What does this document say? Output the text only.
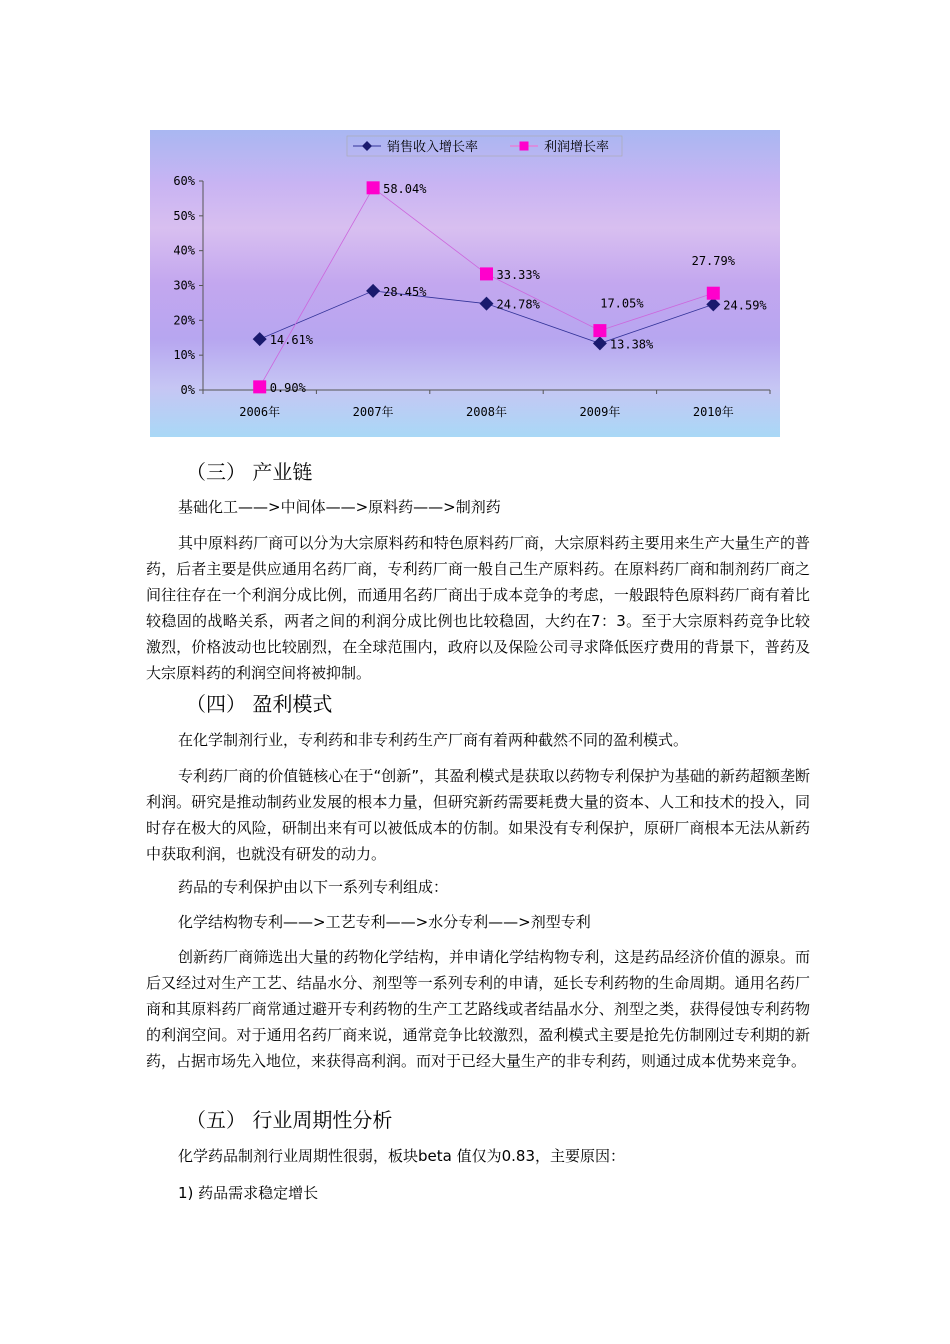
销售收入增长率	利润增长率
0%
10%
20%
30%
40%
50%
60%
2006年	2007年	2008年	2009年	2010年
14.61%
28.45%
24.78%
13.38%
24.59%
0.90%
58.04%
33.33%
17.05%
27.79%
（三） 产业链
基础化工——>中间体——>原料药——>制剂药
其中原料药厂商可以分为大宗原料药和特色原料药厂商，大宗原料药主要用来生产大量生产的普药，后者主要是供应通用名药厂商，专利药厂商一般自己生产原料药。在原料药厂商和制剂药厂商之间往往存在一个利润分成比例，而通用名药厂商出于成本竞争的考虑，一般跟特色原料药厂商有着比较稳固的战略关系，两者之间的利润分成比例也比较稳固，大约在7：3。至于大宗原料药竞争比较激烈，价格波动也比较剧烈，在全球范围内，政府以及保险公司寻求降低医疗费用的背景下，普药及大宗原料药的利润空间将被抑制。
（四） 盈利模式
在化学制剂行业，专利药和非专利药生产厂商有着两种截然不同的盈利模式。
专利药厂商的价值链核心在于“创新”，其盈利模式是获取以药物专利保护为基础的新药超额垄断利润。研究是推动制药业发展的根本力量，但研究新药需要耗费大量的资本、人工和技术的投入，同时存在极大的风险，研制出来有可以被低成本的仿制。如果没有专利保护，原研厂商根本无法从新药中获取利润，也就没有研发的动力。
药品的专利保护由以下一系列专利组成：
化学结构物专利——>工艺专利——>水分专利——>剂型专利
创新药厂商筛选出大量的药物化学结构，并申请化学结构物专利，这是药品经济价值的源泉。而后又经过对生产工艺、结晶水分、剂型等一系列专利的申请，延长专利药物的生命周期。通用名药厂商和其原料药厂商常通过避开专利药物的生产工艺路线或者结晶水分、剂型之类，获得侵蚀专利药物的利润空间。对于通用名药厂商来说，通常竞争比较激烈，盈利模式主要是抢先仿制刚过专利期的新药，占据市场先入地位，来获得高利润。而对于已经大量生产的非专利药，则通过成本优势来竞争。
（五） 行业周期性分析
化学药品制剂行业周期性很弱，板块beta 值仅为0.83，主要原因：
1) 药品需求稳定增长
